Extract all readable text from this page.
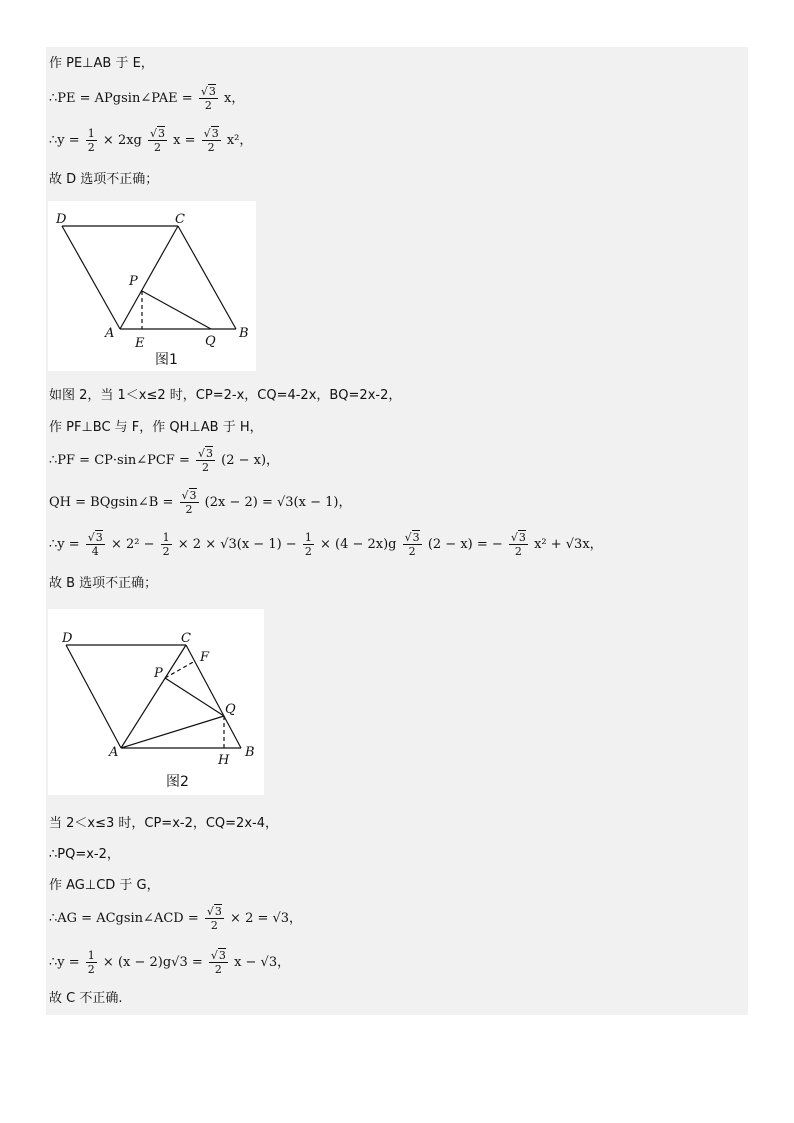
作 PE⊥AB 于 E，
∴PE = APgsin∠PAE = $\frac{√3}{2}$ x，
∴y = $\frac{1}{2} \times 2xg \frac{√3}{2}$ $x = \frac{√3}{2} x^2$，
故 D 选项不正确；
D	C
P
A
E	Q
B
图1
如图 2，当 1＜x≤2 时，CP=2-x，CQ=4-2x，BQ=2x-2，
作 PF⊥BC 与 F，作 QH⊥AB 于 H，
∴PF = CP·sin∠PCF = $\frac{√3}{2} (2 - x)$，
QH = BQgsin∠B = $\frac{√3}{2} (2x - 2) = √3(x - 1)$，
∴y = $\frac{√3}{4} \times 2^2 - \frac{1}{2} \times 2 \times √3(x - 1) - \frac{1}{2} \times (4 - 2x)g \frac{√3}{2} (2 - x)$ = − $\frac{√3}{2} x^2 + √3x$，
故 B 选项不正确；
D	C
F
P
Q
A
H
B
图2
当 2＜x≤3 时，CP=x-2，CQ=2x-4，
∴PQ=x-2，
作 AG⊥CD 于 G，
∴AG = ACgsin∠ACD = $\frac{√3}{2} \times 2 = √3$，
∴y = $\frac{1}{2} \times (x - 2)g√3 = \frac{√3}{2}$ x − √3，
故 C 不正确.
